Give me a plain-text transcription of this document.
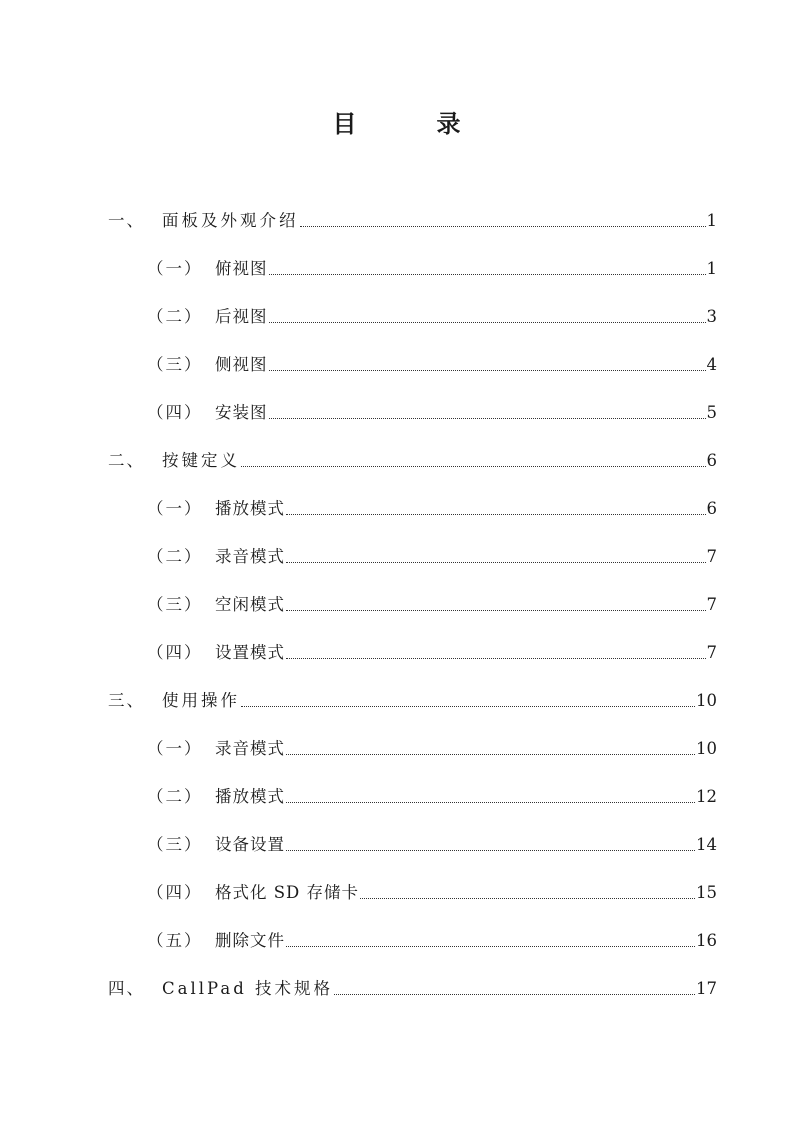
目　录
一、	面板及外观介绍	1
（一） 俯视图	1
（二） 后视图	3
（三） 侧视图	4
（四） 安装图	5
二、	按键定义	6
（一） 播放模式	6
（二） 录音模式	7
（三） 空闲模式	7
（四） 设置模式	7
三、	使用操作	10
（一） 录音模式	10
（二） 播放模式	12
（三） 设备设置	14
（四） 格式化 SD 存储卡	15
（五） 删除文件	16
四、	CallPad 技术规格	17
